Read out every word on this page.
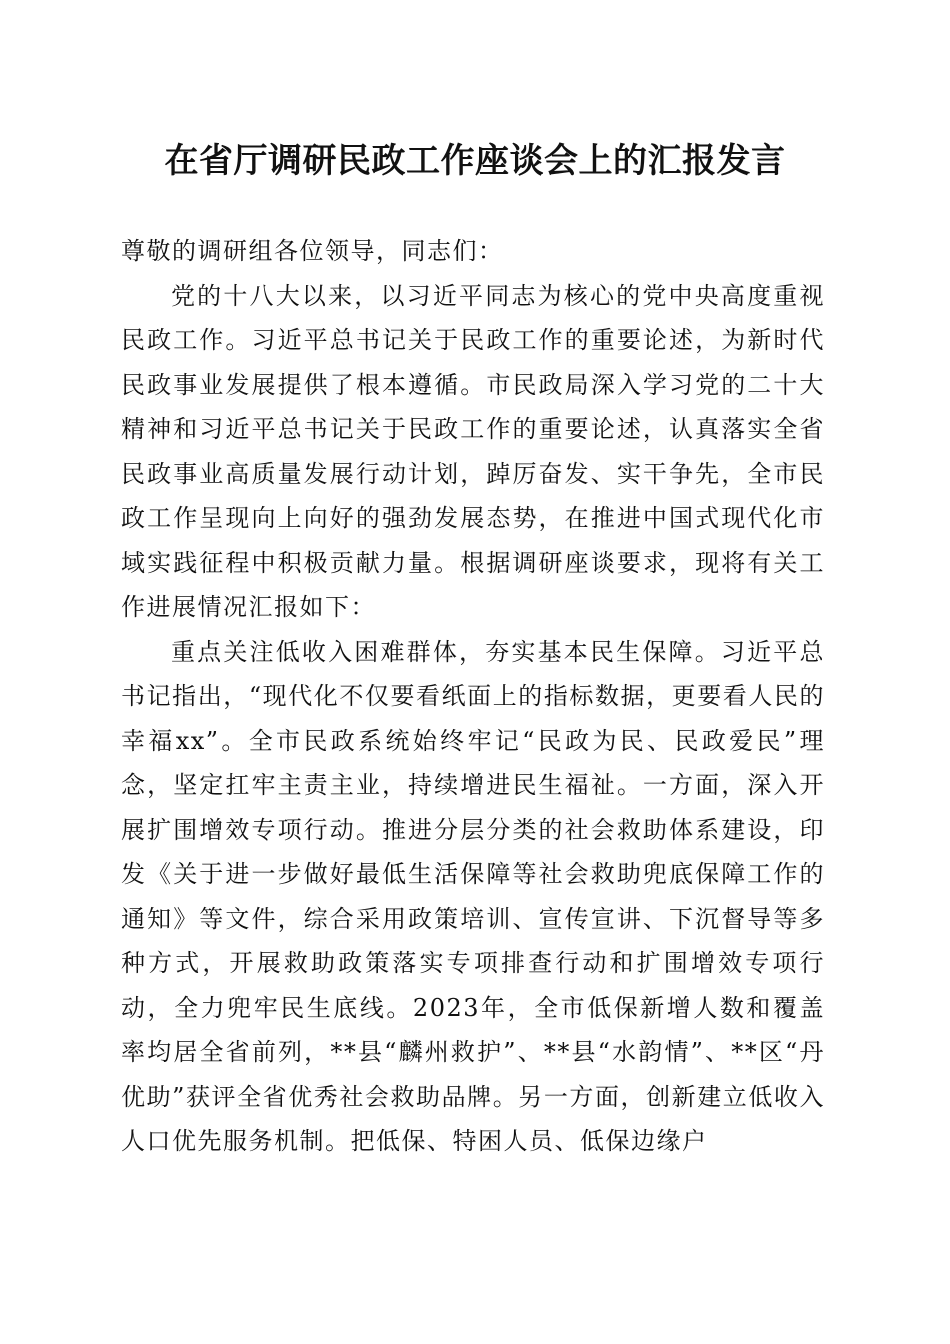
在省厅调研民政工作座谈会上的汇报发言

尊敬的调研组各位领导，同志们：

党的十八大以来，以习近平同志为核心的党中央高度重视民政工作。习近平总书记关于民政工作的重要论述，为新时代民政事业发展提供了根本遵循。市民政局深入学习党的二十大精神和习近平总书记关于民政工作的重要论述，认真落实全省民政事业高质量发展行动计划，踔厉奋发、实干争先，全市民政工作呈现向上向好的强劲发展态势，在推进中国式现代化市域实践征程中积极贡献力量。根据调研座谈要求，现将有关工作进展情况汇报如下：

重点关注低收入困难群体，夯实基本民生保障。习近平总书记指出，“现代化不仅要看纸面上的指标数据，更要看人民的幸福xx”。全市民政系统始终牢记“民政为民、民政爱民”理念，坚定扛牢主责主业，持续增进民生福祉。一方面，深入开展扩围增效专项行动。推进分层分类的社会救助体系建设，印发《关于进一步做好最低生活保障等社会救助兜底保障工作的通知》等文件，综合采用政策培训、宣传宣讲、下沉督导等多种方式，开展救助政策落实专项排查行动和扩围增效专项行动，全力兜牢民生底线。2023年，全市低保新增人数和覆盖率均居全省前列，**县“麟州救护”、**县“水韵情”、**区“丹优助”获评全省优秀社会救助品牌。另一方面，创新建立低收入人口优先服务机制。把低保、特困人员、低保边缘户
